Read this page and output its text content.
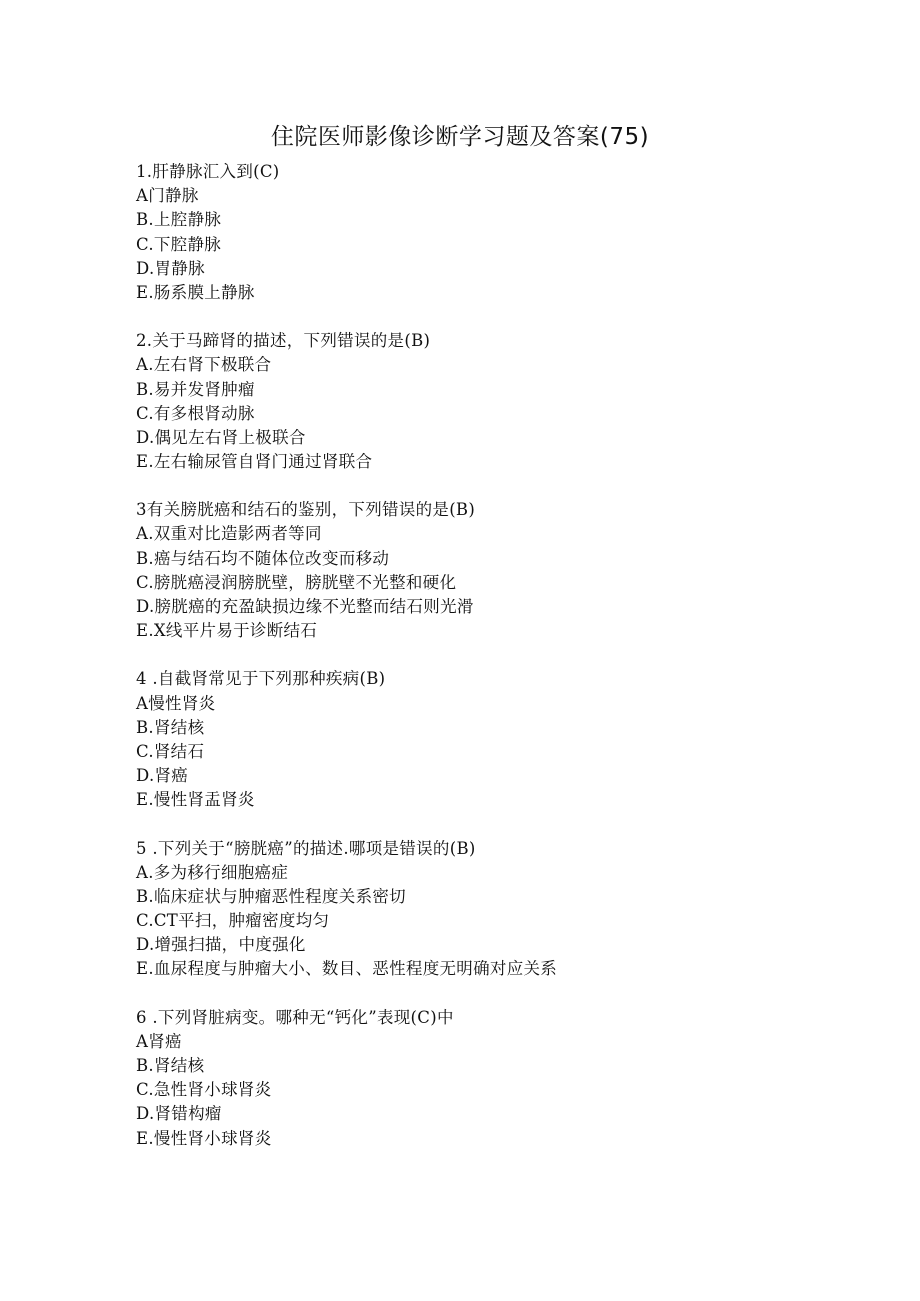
住院医师影像诊断学习题及答案(75)
1.肝静脉汇入到(C)
A门静脉
B.上腔静脉
C.下腔静脉
D.胃静脉
E.肠系膜上静脉
2.关于马蹄肾的描述，下列错误的是(B)
A.左右肾下极联合
B.易并发肾肿瘤
C.有多根肾动脉
D.偶见左右肾上极联合
E.左右输尿管自肾门通过肾联合
3有关膀胱癌和结石的鉴别，下列错误的是(B)
A.双重对比造影两者等同
B.癌与结石均不随体位改变而移动
C.膀胱癌浸润膀胱壁，膀胱壁不光整和硬化
D.膀胱癌的充盈缺损边缘不光整而结石则光滑
E.X线平片易于诊断结石
4 .自截肾常见于下列那种疾病(B)
A慢性肾炎
B.肾结核
C.肾结石
D.肾癌
E.慢性肾盂肾炎
5 .下列关于“膀胱癌”的描述.哪项是错误的(B)
A.多为移行细胞癌症
B.临床症状与肿瘤恶性程度关系密切
C.CT平扫，肿瘤密度均匀
D.增强扫描，中度强化
E.血尿程度与肿瘤大小、数目、恶性程度无明确对应关系
6 .下列肾脏病变。哪种无“钙化”表现(C)中
A肾癌
B.肾结核
C.急性肾小球肾炎
D.肾错构瘤
E.慢性肾小球肾炎
